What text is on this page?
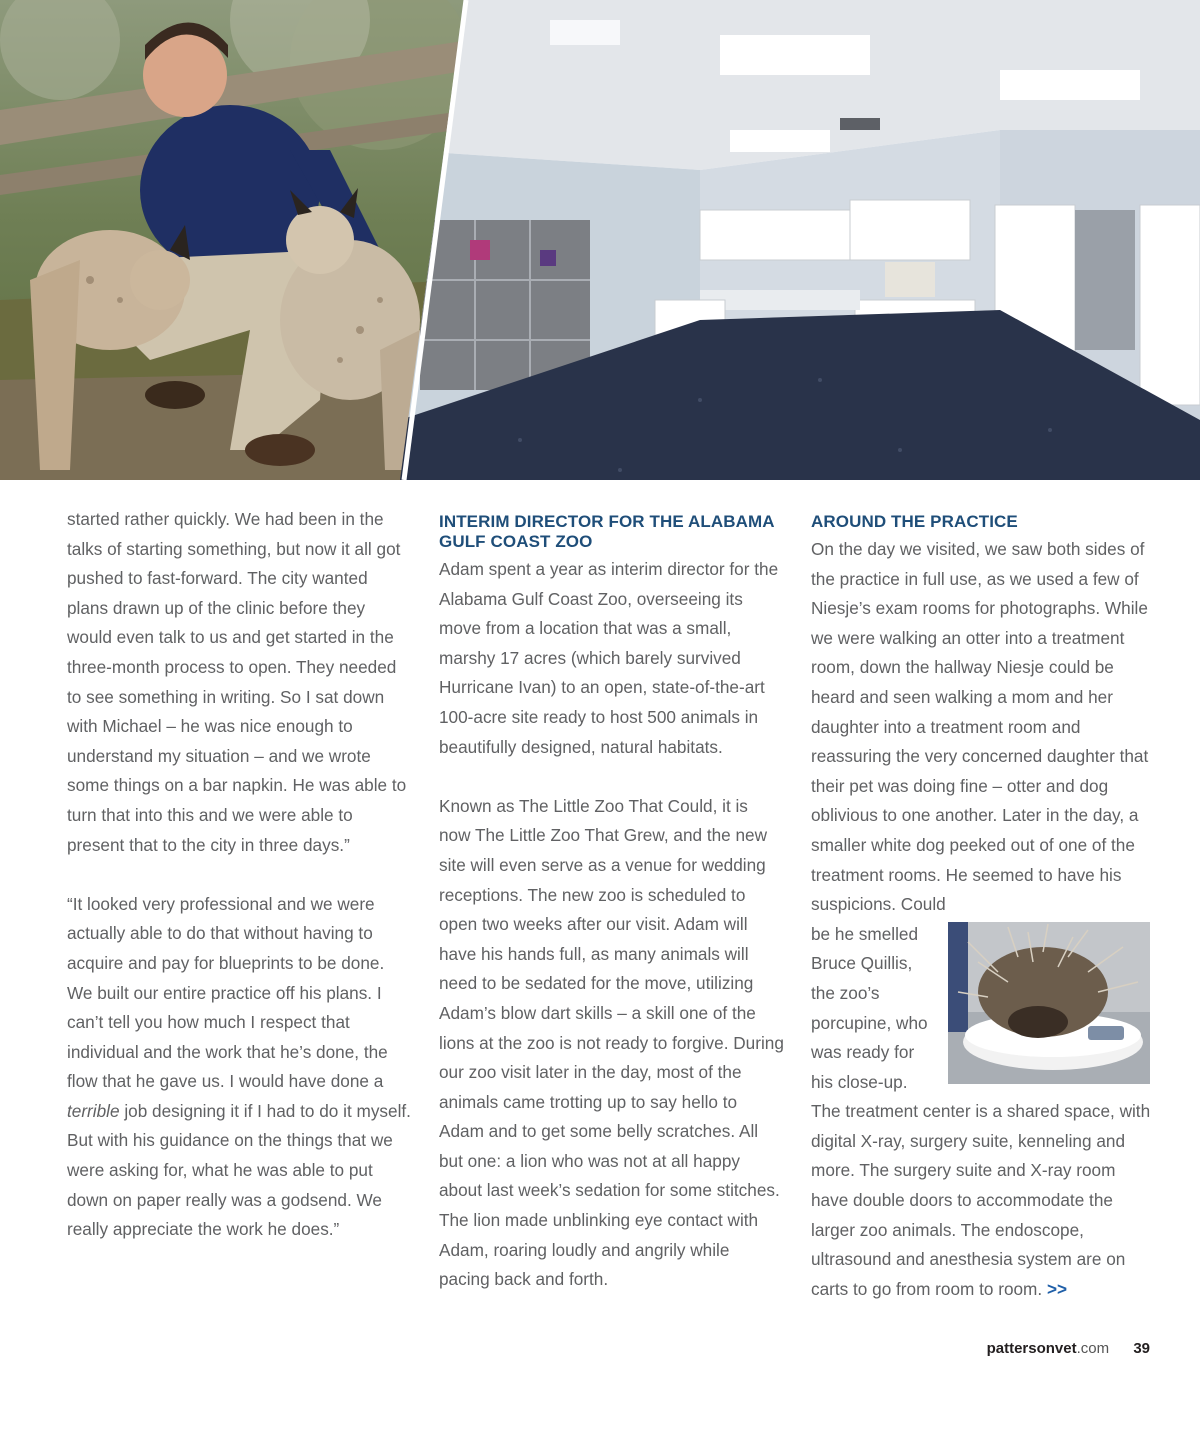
started rather quickly. We had been in the talks of starting something, but now it all got pushed to fast-forward. The city wanted plans drawn up of the clinic before they would even talk to us and get started in the three-month process to open. They needed to see something in writing. So I sat down with Michael – he was nice enough to understand my situation – and we wrote some things on a bar napkin. He was able to turn that into this and we were able to present that to the city in three days.”

“It looked very professional and we were actually able to do that without having to acquire and pay for blueprints to be done. We built our entire practice off his plans. I can’t tell you how much I respect that individual and the work that he’s done, the flow that he gave us. I would have done a terrible job designing it if I had to do it myself. But with his guidance on the things that we were asking for, what he was able to put down on paper really was a godsend. We really appreciate the work he does.”

INTERIM DIRECTOR FOR THE ALABAMA GULF COAST ZOO

Adam spent a year as interim director for the Alabama Gulf Coast Zoo, overseeing its move from a location that was a small, marshy 17 acres (which barely survived Hurricane Ivan) to an open, state-of-the-art 100-acre site ready to host 500 animals in beautifully designed, natural habitats.

Known as The Little Zoo That Could, it is now The Little Zoo That Grew, and the new site will even serve as a venue for wedding receptions. The new zoo is scheduled to open two weeks after our visit. Adam will have his hands full, as many animals will need to be sedated for the move, utilizing Adam’s blow dart skills – a skill one of the lions at the zoo is not ready to forgive. During our zoo visit later in the day, most of the animals came trotting up to say hello to Adam and to get some belly scratches. All but one: a lion who was not at all happy about last week’s sedation for some stitches. The lion made unblinking eye contact with Adam, roaring loudly and angrily while pacing back and forth.

AROUND THE PRACTICE

On the day we visited, we saw both sides of the practice in full use, as we used a few of Niesje’s exam rooms for photographs. While we were walking an otter into a treatment room, down the hallway Niesje could be heard and seen walking a mom and her daughter into a treatment room and reassuring the very concerned daughter that their pet was doing fine – otter and dog oblivious to one another. Later in the day, a smaller white dog peeked out of one of the treatment rooms. He seemed to have his suspicions. Could

be he smelled Bruce Quillis, the zoo’s porcupine, who was ready for his close-up.

The treatment center is a shared space, with digital X-ray, surgery suite, kenneling and more. The surgery suite and X-ray room have double doors to accommodate the larger zoo animals. The endoscope, ultrasound and anesthesia system are on carts to go from room to room. >>

pattersonvet.com 39
